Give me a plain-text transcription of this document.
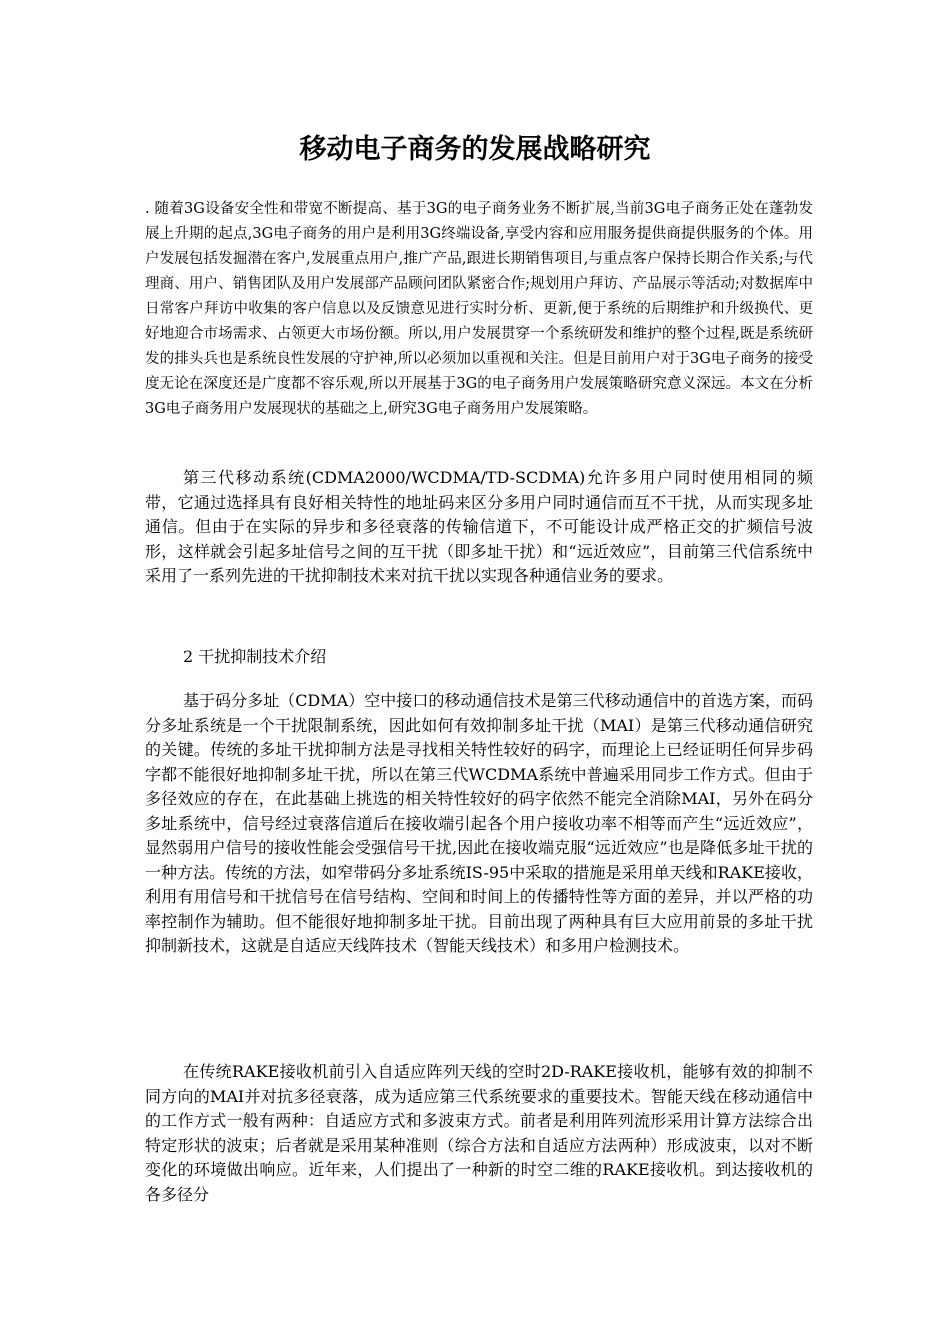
移动电子商务的发展战略研究

. 随着3G设备安全性和带宽不断提高、基于3G的电子商务业务不断扩展,当前3G电子商务正处在蓬勃发展上升期的起点,3G电子商务的用户是利用3G终端设备,享受内容和应用服务提供商提供服务的个体。用户发展包括发掘潜在客户,发展重点用户,推广产品,跟进长期销售项目,与重点客户保持长期合作关系;与代理商、用户、销售团队及用户发展部产品顾问团队紧密合作;规划用户拜访、产品展示等活动;对数据库中日常客户拜访中收集的客户信息以及反馈意见进行实时分析、更新,便于系统的后期维护和升级换代、更好地迎合市场需求、占领更大市场份额。所以,用户发展贯穿一个系统研发和维护的整个过程,既是系统研发的排头兵也是系统良性发展的守护神,所以必须加以重视和关注。但是目前用户对于3G电子商务的接受度无论在深度还是广度都不容乐观,所以开展基于3G的电子商务用户发展策略研究意义深远。本文在分析3G电子商务用户发展现状的基础之上,研究3G电子商务用户发展策略。

第三代移动系统(CDMA2000/WCDMA/TD-SCDMA)允许多用户同时使用相同的频带，它通过选择具有良好相关特性的地址码来区分多用户同时通信而互不干扰，从而实现多址通信。但由于在实际的异步和多径衰落的传输信道下，不可能设计成严格正交的扩频信号波形，这样就会引起多址信号之间的互干扰（即多址干扰）和“远近效应”，目前第三代信系统中采用了一系列先进的干扰抑制技术来对抗干扰以实现各种通信业务的要求。

2 干扰抑制技术介绍

基于码分多址（CDMA）空中接口的移动通信技术是第三代移动通信中的首选方案，而码分多址系统是一个干扰限制系统，因此如何有效抑制多址干扰（MAI）是第三代移动通信研究的关键。传统的多址干扰抑制方法是寻找相关特性较好的码字，而理论上已经证明任何异步码字都不能很好地抑制多址干扰，所以在第三代WCDMA系统中普遍采用同步工作方式。但由于多径效应的存在，在此基础上挑选的相关特性较好的码字依然不能完全消除MAI，另外在码分多址系统中，信号经过衰落信道后在接收端引起各个用户接收功率不相等而产生“远近效应”，显然弱用户信号的接收性能会受强信号干扰,因此在接收端克服“远近效应”也是降低多址干扰的一种方法。传统的方法，如窄带码分多址系统IS-95中采取的措施是采用单天线和RAKE接收，利用有用信号和干扰信号在信号结构、空间和时间上的传播特性等方面的差异，并以严格的功率控制作为辅助。但不能很好地抑制多址干扰。目前出现了两种具有巨大应用前景的多址干扰抑制新技术，这就是自适应天线阵技术（智能天线技术）和多用户检测技术。

在传统RAKE接收机前引入自适应阵列天线的空时2D-RAKE接收机，能够有效的抑制不同方向的MAI并对抗多径衰落，成为适应第三代系统要求的重要技术。智能天线在移动通信中的工作方式一般有两种：自适应方式和多波束方式。前者是利用阵列流形采用计算方法综合出特定形状的波束；后者就是采用某种准则（综合方法和自适应方法两种）形成波束，以对不断变化的环境做出响应。近年来，人们提出了一种新的时空二维的RAKE接收机。到达接收机的各多径分
